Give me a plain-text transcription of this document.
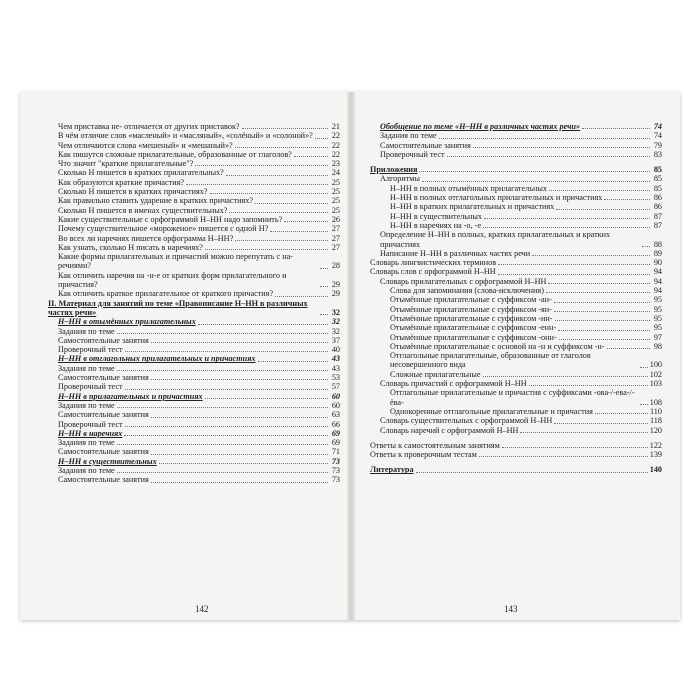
Чем приставка не- отличается от других приставок?	21
В чём отличие слов «масленый» и «масляный», «солёный» и «солоной»? 22
Чем отличаются слова «мешеный» и «мешаный»?	22
Как пишутся сложные прилагательные, образованные от глаголов?	22
Что значит "краткие прилагательные"?	23
Сколько Н пишется в кратких прилагательных?	24
Как образуются краткие причастия?	25
Сколько Н пишется в кратких причастиях?	25
Как правильно ставить ударение в кратких причастиях?	25
Сколько Н пишется в именах существительных?	25
Какие существительные с орфограммой Н–НН надо запомнить?	26
Почему существительное «мороженое» пишется с одной Н?	27
Во всех ли наречиях пишется орфограмма Н–НН?	27
Как узнать, сколько Н писать в наречиях?	27
Какие формы прилагательных и причастий можно перепутать с наречиями?	28
Как отличить наречия на -н-е от кратких форм прилагательного и причастия?	29
Как отличить краткое прилагательное от краткого причастия?	29
II. Материал для занятий по теме «Правописание Н–НН в различных частях речи»	32
Н–НН в отымённых прилагательных	32
Задания по теме	32
Самостоятельные занятия	37
Проверочный тест	40
Н–НН в отглагольных прилагательных и причастиях	43
Задания по теме	43
Самостоятельные занятия	53
Проверочный тест	57
Н–НН в прилагательных и причастиях	60
Задания по теме	60
Самостоятельные занятия	63
Проверочный тест	66
Н–НН в наречиях	69
Задания по теме	69
Самостоятельные занятия	71
Н–НН в существительных	73
Задания по теме	73
Самостоятельные занятия	73
Обобщение по теме «Н–НН в различных частях речи»	74
Задания по теме	74
Самостоятельные занятия	79
Проверочный тест	83
Приложения	85
Алгоритмы	85
Н–НН в полных отымённых прилагательных	85
Н–НН в полных отглагольных прилагательных и причастиях	86
Н–НН в кратких прилагательных и причастиях	86
Н–НН в существительных	87
Н–НН в наречиях на -о, -е	87
Определение Н–НН в полных, кратких прилагательных и кратких причастиях	88
Написание Н–НН в различных частях речи	89
Словарь лингвистических терминов	90
Словарь слов с орфограммой Н–НН	94
Словарь прилагательных с орфограммой Н–НН	94
Слова для запоминания (слова-исключения)	94
Отымённые прилагательные с суффиксом -ан-	95
Отымённые прилагательные с суффиксом -ян-	95
Отымённые прилагательные с суффиксом -ин-	95
Отымённые прилагательные с суффиксом -енн-	95
Отымённые прилагательные с суффиксом -онн-	97
Отымённые прилагательные с основой на -н и суффиксом -н-	98
Отглагольные прилагательные, образованные от глаголов несовершенного вида	100
Сложные прилагательные	102
Словарь причастий с орфограммой Н–НН	103
Отглагольные прилагательные и причастия с суффиксами -ова-/-ева-/-ёва-	108
Однокоренные отглагольные прилагательные и причастия	110
Словарь существительных с орфограммой Н–НН	118
Словарь наречий с орфограммой Н–НН	120
Ответы к самостоятельным занятиям	122
Ответы к проверочным тестам	139
Литература	140
142	143
